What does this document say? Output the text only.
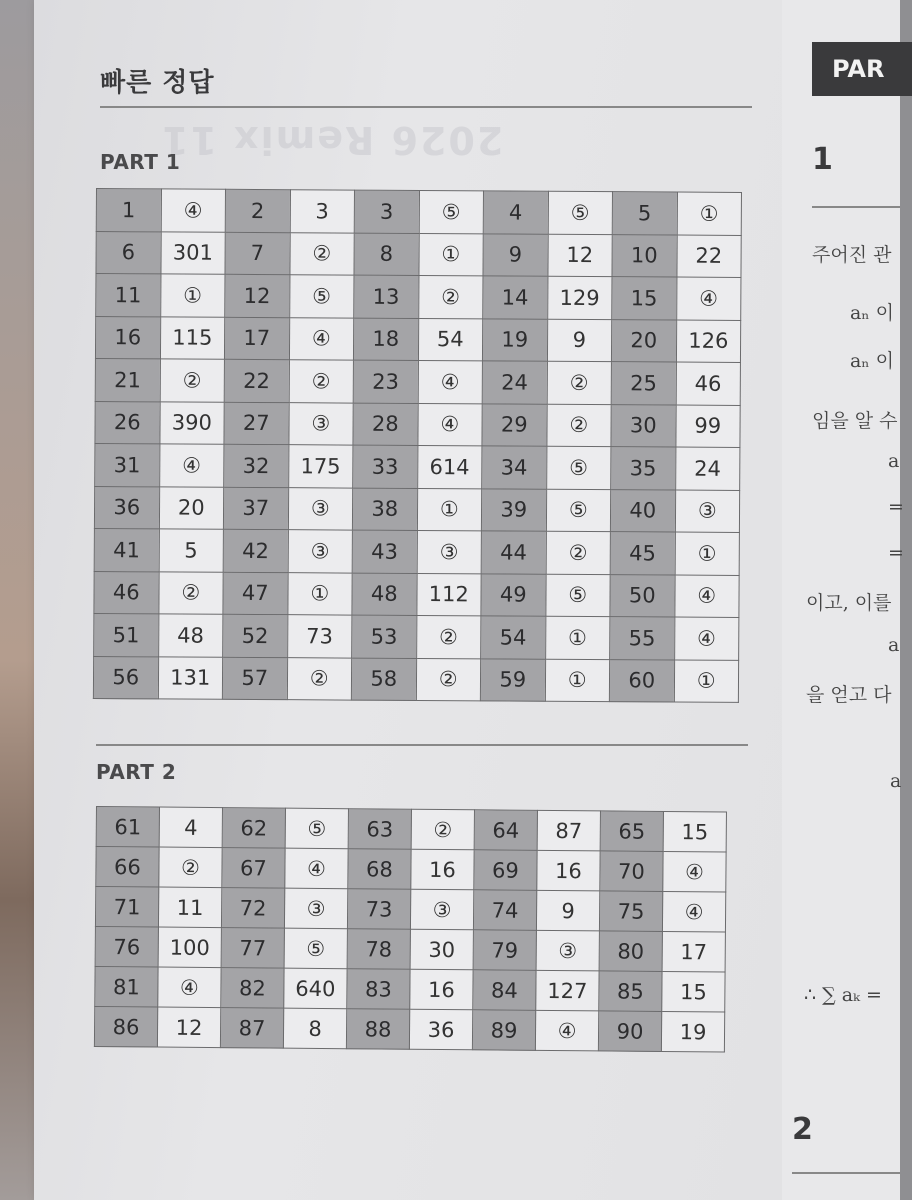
2026 Remix 11
빠른 정답
PART 1
1	④	2	3	3	⑤	4	⑤	5	①
6	301	7	②	8	①	9	12	10	22
11	①	12	⑤	13	②	14	129	15	④
16	115	17	④	18	54	19	9	20	126
21	②	22	②	23	④	24	②	25	46
26	390	27	③	28	④	29	②	30	99
31	④	32	175	33	614	34	⑤	35	24
36	20	37	③	38	①	39	⑤	40	③
41	5	42	③	43	③	44	②	45	①
46	②	47	①	48	112	49	⑤	50	④
51	48	52	73	53	②	54	①	55	④
56	131	57	②	58	②	59	①	60	①
PART 2
61	4	62	⑤	63	②	64	87	65	15
66	②	67	④	68	16	69	16	70	④
71	11	72	③	73	③	74	9	75	④
76	100	77	⑤	78	30	79	③	80	17
81	④	82	640	83	16	84	127	85	15
86	12	87	8	88	36	89	④	90	19
PAR
1
주어진 관
aₙ 이
aₙ 이
임을 알 수
a
=
=
이고, 이를
a
을 얻고 다
a
∴ ∑ aₖ =
2
